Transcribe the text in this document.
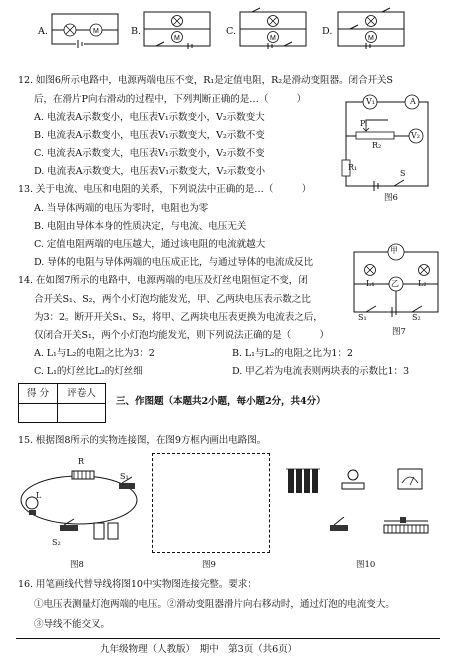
A.	B.	C.	D.
M
M	M	M
12. 如图6所示电路中，电源两端电压不变，R₁是定值电阻，R₂是滑动变阻器。闭合开关S
后，在滑片P向右滑动的过程中，下列判断正确的是…（　　　）
A. 电流表A示数变小，电压表V₁示数变小，V₂示数变大
B. 电流表A示数变小，电压表V₁示数变大，V₂示数不变
C. 电流表A示数变大，电压表V₁示数变小，V₂示数不变
D. 电流表A示数变大，电压表V₁示数变大，V₂示数变小
V₁	A
V₂
P
R₂
R₁
S
图6
13. 关于电流、电压和电阻的关系，下列说法中正确的是…（　　　）
A. 当导体两端的电压为零时，电阻也为零
B. 电阻由导体本身的性质决定，与电流、电压无关
C. 定值电阻两端的电压越大，通过该电阻的电流就越大
D. 导体的电阻与导体两端的电压成正比，与通过导体的电流成反比
14. 在如图7所示的电路中，电源两端的电压及灯丝电阻恒定不变，闭
合开关S₁、S₂，两个小灯泡均能发光，甲、乙两块电压表示数之比
为3：2。断开开关S₁、S₂，将甲、乙两块电压表更换为电流表之后，
仅闭合开关S₁，两个小灯泡均能发光，则下列说法正确的是（　　　）
A. L₁与L₂的电阻之比为3：2	B. L₁与L₂的电阻之比为1：2
C. L₁的灯丝比L₂的灯丝细	D. 甲乙若为电流表则两块表的示数比1：3
甲
乙
L₁	L₂
S₁	S₂
图7
得 分	评卷人

三、作图题（本题共2小题，每小题2分，共4分）
15. 根据图8所示的实物连接图，在图9方框内画出电路图。
R
L
S₁
S₂
图8	图9	图10
16. 用笔画线代替导线将图10中实物图连接完整。要求：
①电压表测量灯泡两端的电压。②滑动变阻器滑片向右移动时，通过灯泡的电流变大。
③导线不能交叉。
九年级物理（人教版）　期中　第3页（共6页）
